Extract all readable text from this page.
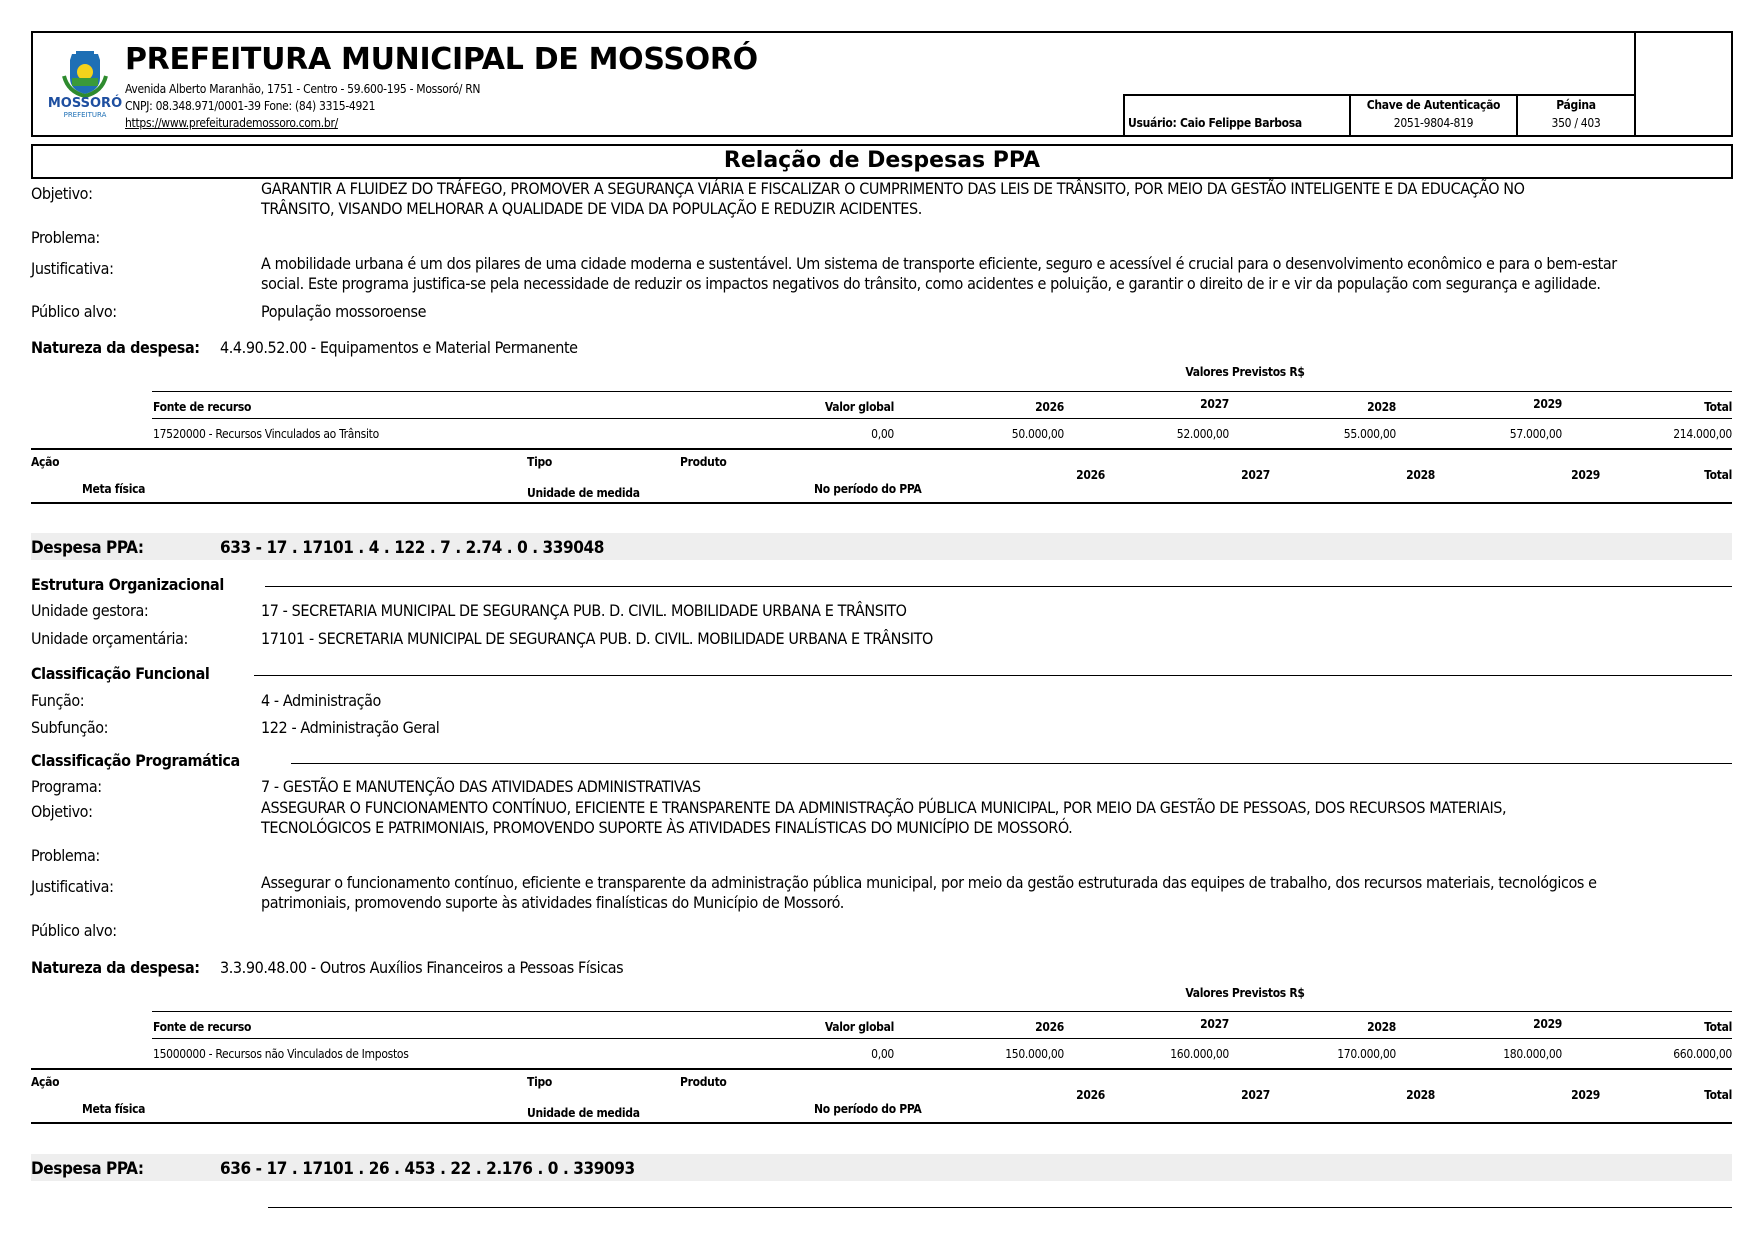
MOSSORÓ
PREFEITURA
PREFEITURA MUNICIPAL DE MOSSORÓ
Avenida Alberto Maranhão, 1751 - Centro - 59.600-195 - Mossoró/ RN
CNPJ: 08.348.971/0001-39 Fone: (84) 3315-4921
https://www.prefeiturademossoro.com.br/	Usuário: Caio Felippe Barbosa
Chave de Autenticação
2051-9804-819
Página
350 / 403
Relação de Despesas PPA
Objetivo:	GARANTIR A FLUIDEZ DO TRÁFEGO, PROMOVER A SEGURANÇA VIÁRIA E FISCALIZAR O CUMPRIMENTO DAS LEIS DE TRÂNSITO, POR MEIO DA GESTÃO INTELIGENTE E DA EDUCAÇÃO NO
TRÂNSITO, VISANDO MELHORAR A QUALIDADE DE VIDA DA POPULAÇÃO E REDUZIR ACIDENTES.
Problema:
Justificativa:	A mobilidade urbana é um dos pilares de uma cidade moderna e sustentável. Um sistema de transporte eficiente, seguro e acessível é crucial para o desenvolvimento econômico e para o bem-estar
social. Este programa justifica-se pela necessidade de reduzir os impactos negativos do trânsito, como acidentes e poluição, e garantir o direito de ir e vir da população com segurança e agilidade.
Público alvo:	População mossoroense
Natureza da despesa: 4.4.90.52.00 - Equipamentos e Material Permanente
Valores Previstos R$
Fonte de recurso	Valor global	2026	2027	2028	2029	Total
17520000 - Recursos Vinculados ao Trânsito	0,00	50.000,00	52.000,00	55.000,00	57.000,00	214.000,00
Ação	Tipo	Produto
Meta física	Unidade de medida	No período do PPA
2026	2027	2028	2029	Total
Despesa PPA:	633 - 17 . 17101 . 4 . 122 . 7 . 2.74 . 0 . 339048
Estrutura Organizacional
Unidade gestora:	17 - SECRETARIA MUNICIPAL DE SEGURANÇA PUB. D. CIVIL. MOBILIDADE URBANA E TRÂNSITO
Unidade orçamentária:	17101 - SECRETARIA MUNICIPAL DE SEGURANÇA PUB. D. CIVIL. MOBILIDADE URBANA E TRÂNSITO
Classificação Funcional
Função:	4 - Administração
Subfunção:	122 - Administração Geral
Classificação Programática
Programa:	7 - GESTÃO E MANUTENÇÃO DAS ATIVIDADES ADMINISTRATIVAS
Objetivo:	ASSEGURAR O FUNCIONAMENTO CONTÍNUO, EFICIENTE E TRANSPARENTE DA ADMINISTRAÇÃO PÚBLICA MUNICIPAL, POR MEIO DA GESTÃO DE PESSOAS, DOS RECURSOS MATERIAIS,
TECNOLÓGICOS E PATRIMONIAIS, PROMOVENDO SUPORTE ÀS ATIVIDADES FINALÍSTICAS DO MUNICÍPIO DE MOSSORÓ.
Problema:
Justificativa:	Assegurar o funcionamento contínuo, eficiente e transparente da administração pública municipal, por meio da gestão estruturada das equipes de trabalho, dos recursos materiais, tecnológicos e
patrimoniais, promovendo suporte às atividades finalísticas do Município de Mossoró.
Público alvo:
Natureza da despesa: 3.3.90.48.00 - Outros Auxílios Financeiros a Pessoas Físicas
Valores Previstos R$
Fonte de recurso	Valor global	2026	2027	2028	2029	Total
15000000 - Recursos não Vinculados de Impostos	0,00	150.000,00	160.000,00	170.000,00	180.000,00	660.000,00
Ação	Tipo	Produto
Meta física	Unidade de medida	No período do PPA
2026	2027	2028	2029	Total
Despesa PPA:	636 - 17 . 17101 . 26 . 453 . 22 . 2.176 . 0 . 339093
